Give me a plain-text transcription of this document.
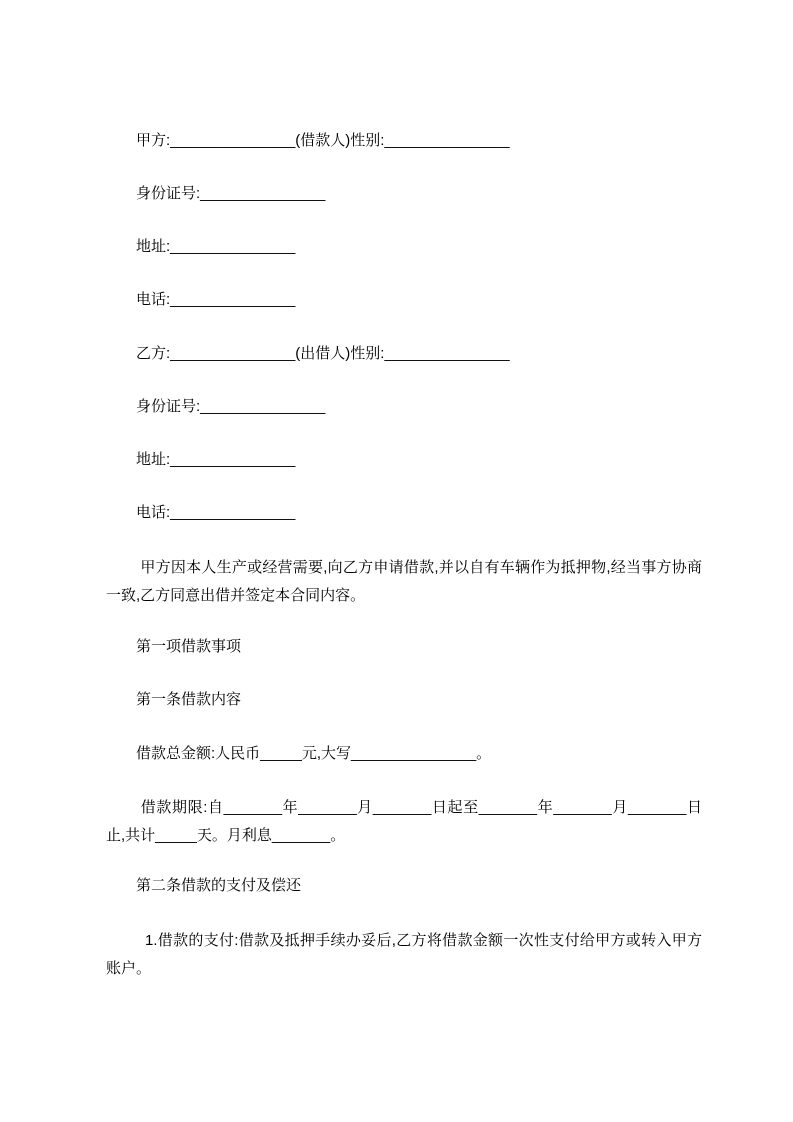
甲方:_______________(借款人)性别:_______________

身份证号:_______________

地址:_______________

电话:_______________

乙方:_______________(出借人)性别:_______________

身份证号:_______________

地址:_______________

电话:_______________

甲方因本人生产或经营需要,向乙方申请借款,并以自有车辆作为抵押物,经当事方协商一致,乙方同意出借并签定本合同内容。

第一项借款事项

第一条借款内容

借款总金额:人民币_____元,大写_______________。

借款期限:自_______年_______月_______日起至_______年_______月_______日止,共计_____天。月利息_______。

第二条借款的支付及偿还

1.借款的支付:借款及抵押手续办妥后,乙方将借款金额一次性支付给甲方或转入甲方账户。
